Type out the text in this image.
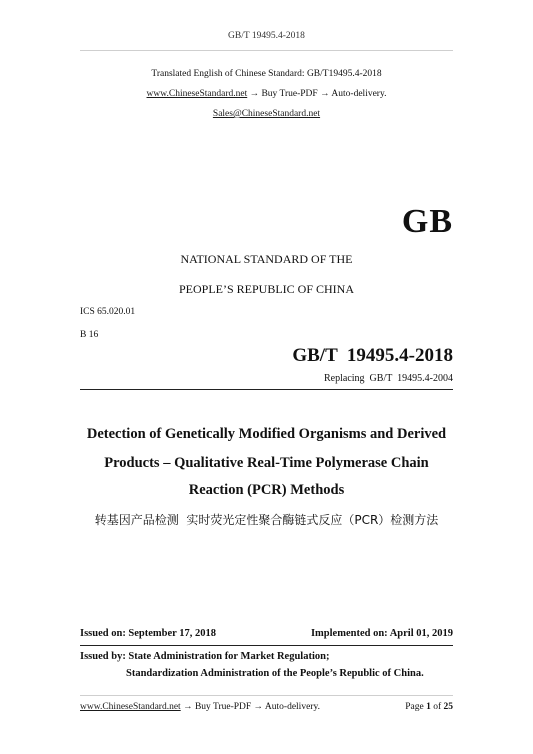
GB/T 19495.4-2018
Translated English of Chinese Standard: GB/T19495.4-2018
www.ChineseStandard.net → Buy True-PDF → Auto-delivery.
Sales@ChineseStandard.net
GB
NATIONAL STANDARD OF THE
PEOPLE’S REPUBLIC OF CHINA
ICS 65.020.01
B 16
GB/T  19495.4-2018
Replacing  GB/T  19495.4-2004
Detection of Genetically Modified Organisms and Derived
Products – Qualitative Real-Time Polymerase Chain
Reaction (PCR) Methods
转基因产品检测  实时荧光定性聚合酶链式反应（PCR）检测方法
Issued on: September 17, 2018	Implemented on: April 01, 2019
Issued by: State Administration for Market Regulation;
Standardization Administration of the People’s Republic of China.
www.ChineseStandard.net → Buy True-PDF → Auto-delivery.	Page 1 of 25
